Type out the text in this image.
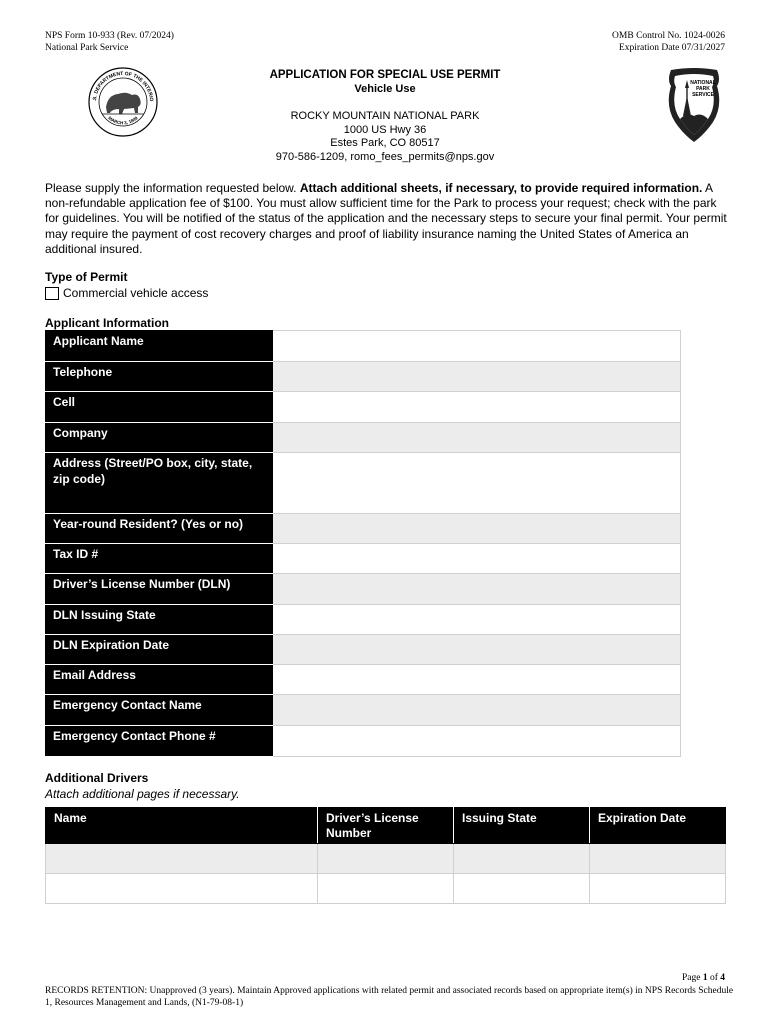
NPS Form 10-933 (Rev. 07/2024)
National Park Service
OMB Control No. 1024-0026
Expiration Date 07/31/2027
.S. DEPARTMENT OF THE INTERIO
MARCH 3, 1849
NATIONAL
PARK
SERVICE
APPLICATION FOR SPECIAL USE PERMIT
Vehicle Use
ROCKY MOUNTAIN NATIONAL PARK
1000 US Hwy 36
Estes Park, CO 80517
970-586-1209, romo_fees_permits@nps.gov
Please supply the information requested below. Attach additional sheets, if necessary, to provide required information. A non-refundable application fee of $100. You must allow sufficient time for the Park to process your request; check with the park for guidelines. You will be notified of the status of the application and the necessary steps to secure your final permit. Your permit may require the payment of cost recovery charges and proof of liability insurance naming the United States of America an additional insured.
Type of Permit
Commercial vehicle access
Applicant Information
Applicant Name	
Telephone	
Cell	
Company	
Address (Street/PO box, city, state, zip code)	
Year-round Resident? (Yes or no)	
Tax ID #	
Driver’s License Number (DLN)	
DLN Issuing State	
DLN Expiration Date	
Email Address	
Emergency Contact Name	
Emergency Contact Phone #	
Additional Drivers
Attach additional pages if necessary.
Name	Driver’s License Number	Issuing State	Expiration Date

Page 1 of 4
RECORDS RETENTION: Unapproved (3 years). Maintain Approved applications with related permit and associated records based on appropriate item(s) in NPS Records Schedule 1, Resources Management and Lands, (N1-79-08-1)
